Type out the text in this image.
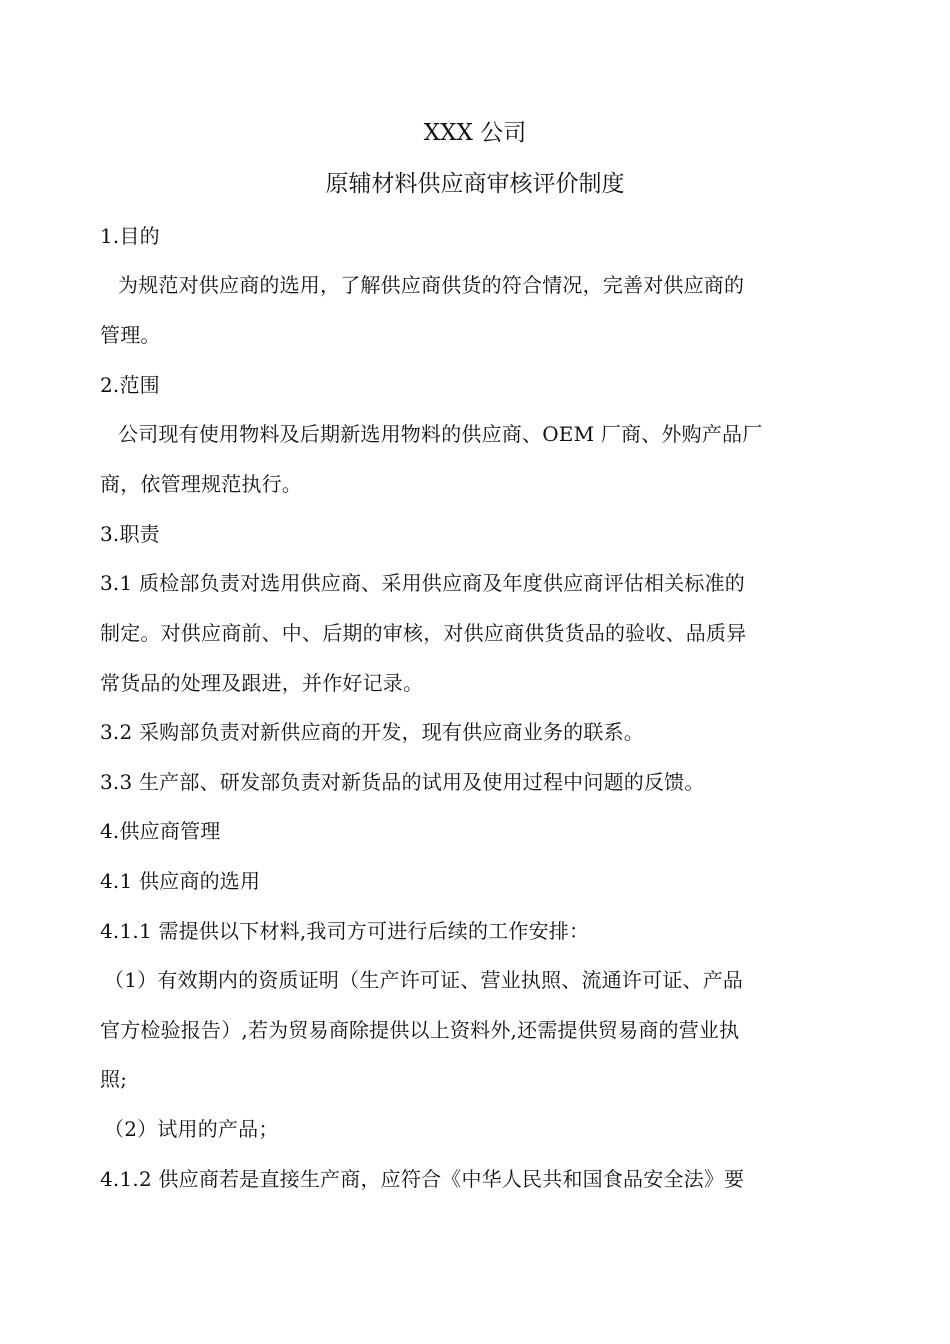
XXX 公司
原辅材料供应商审核评价制度
1.目的
为规范对供应商的选用，了解供应商供货的符合情况，完善对供应商的
管理。
2.范围
公司现有使用物料及后期新选用物料的供应商、OEM 厂商、外购产品厂
商，依管理规范执行。
3.职责
3.1 质检部负责对选用供应商、采用供应商及年度供应商评估相关标准的
制定。对供应商前、中、后期的审核，对供应商供货货品的验收、品质异
常货品的处理及跟进，并作好记录。
3.2 采购部负责对新供应商的开发，现有供应商业务的联系。
3.3 生产部、研发部负责对新货品的试用及使用过程中问题的反馈。
4.供应商管理
4.1 供应商的选用
4.1.1 需提供以下材料,我司方可进行后续的工作安排：
（1）有效期内的资质证明（生产许可证、营业执照、流通许可证、产品
官方检验报告）,若为贸易商除提供以上资料外,还需提供贸易商的营业执
照;
（2）试用的产品；
4.1.2 供应商若是直接生产商，应符合《中华人民共和国食品安全法》要
